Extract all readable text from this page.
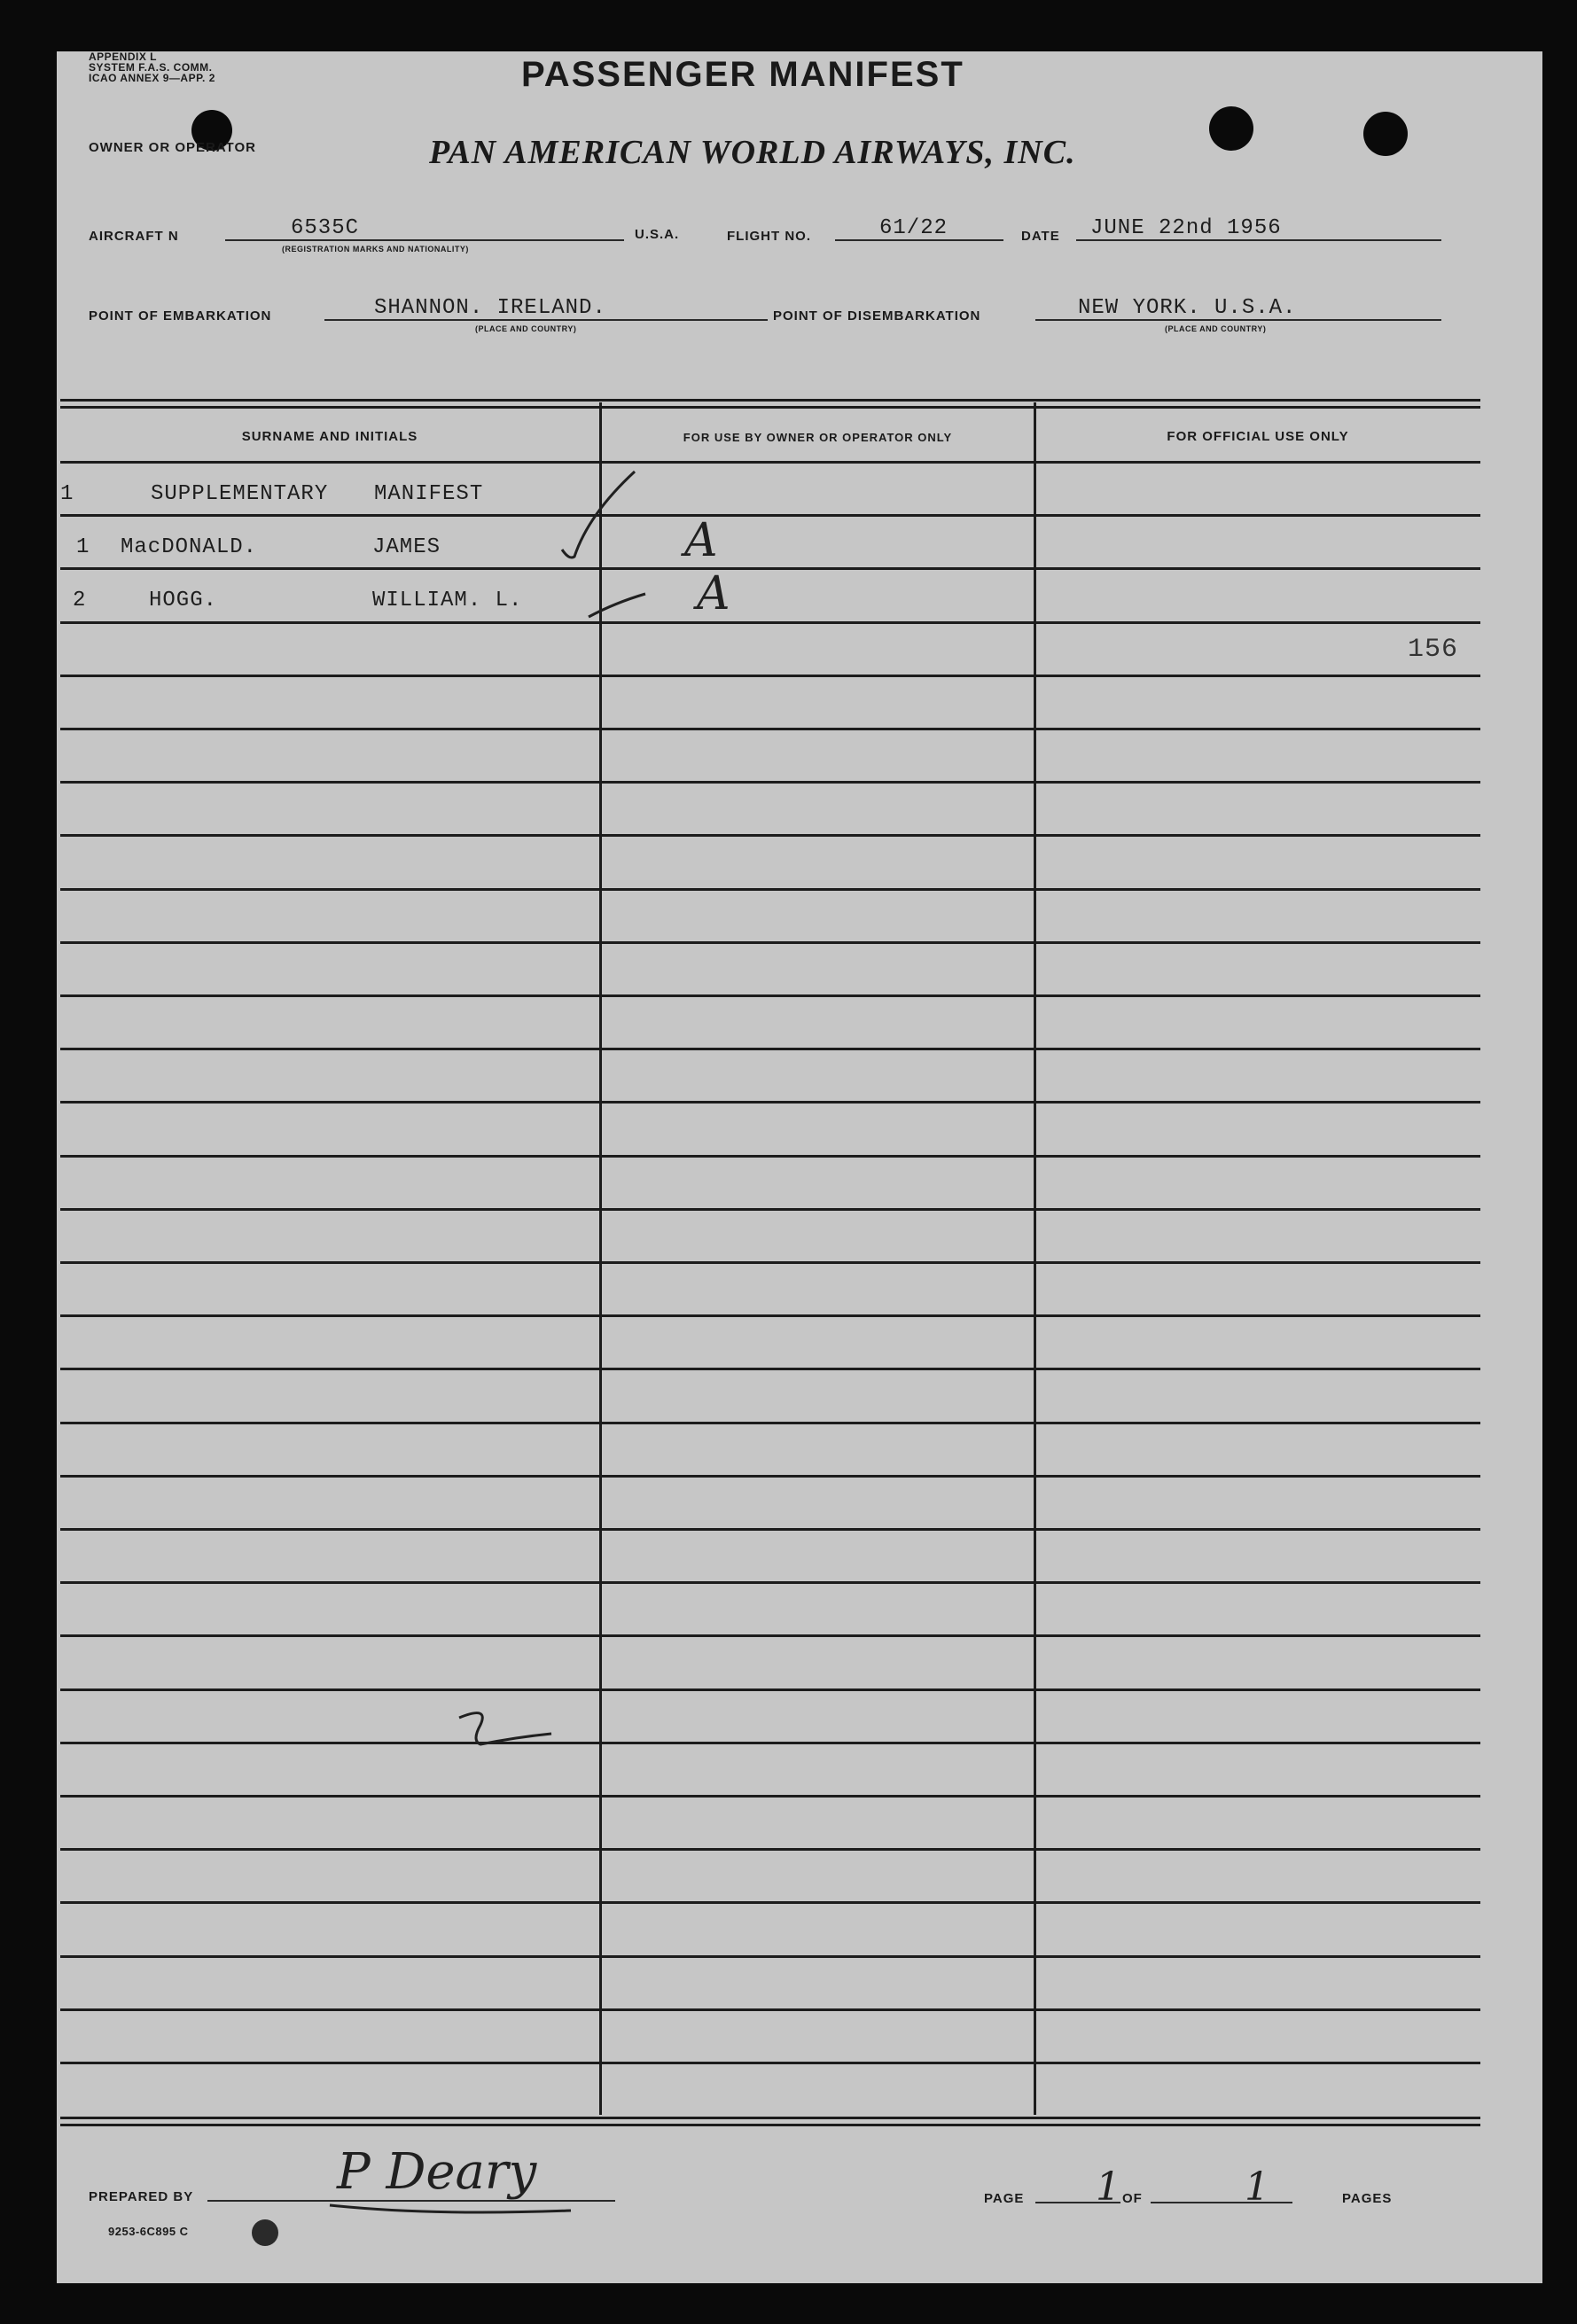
APPENDIX L
SYSTEM F.A.S. COMM.
ICAO ANNEX 9—APP. 2	PASSENGER MANIFEST
OWNER OR OPERATOR	PAN AMERICAN WORLD AIRWAYS, INC.
AIRCRAFT N	6535C
(REGISTRATION MARKS AND NATIONALITY)
U.S.A.	FLIGHT NO.	61/22	DATE JUNE 22nd 1956
POINT OF EMBARKATION	SHANNON. IRELAND.
(PLACE AND COUNTRY)
POINT OF DISEMBARKATION	NEW YORK. U.S.A.
(PLACE AND COUNTRY)
SURNAME AND INITIALS	FOR USE BY OWNER OR OPERATOR ONLY	FOR OFFICIAL USE ONLY
1	SUPPLEMENTARY MANIFEST
1 MacDONALD.	JAMES	A
2	HOGG.	WILLIAM. L.	A
156
PREPARED BY	P Deary	PAGE 1 OF	1	PAGES
9253-6C895 C
